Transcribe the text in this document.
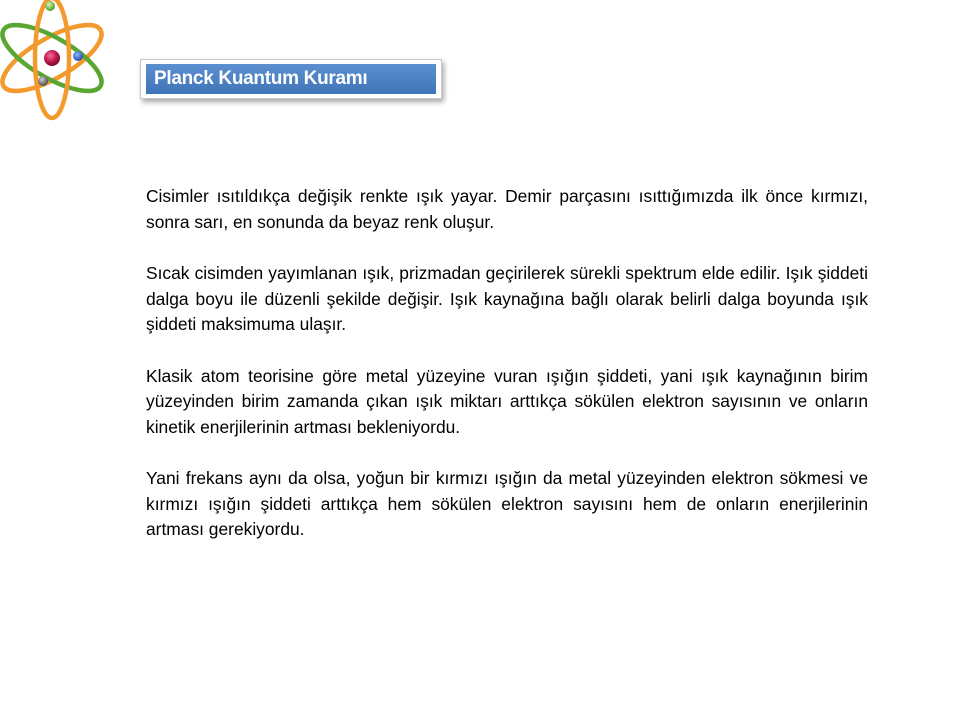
Planck Kuantum Kuramı

Cisimler ısıtıldıkça değişik renkte ışık yayar. Demir parçasını ısıttığımızda ilk önce kırmızı, sonra sarı, en sonunda da beyaz renk oluşur.

Sıcak cisimden yayımlanan ışık, prizmadan geçirilerek sürekli spektrum elde edilir. Işık şiddeti dalga boyu ile düzenli şekilde değişir. Işık kaynağına bağlı olarak belirli dalga boyunda ışık şiddeti maksimuma ulaşır.

Klasik atom teorisine göre metal yüzeyine vuran ışığın şiddeti, yani ışık kaynağının birim yüzeyinden birim zamanda çıkan ışık miktarı arttıkça sökülen elektron sayısının ve onların kinetik enerjilerinin artması bekleniyordu.

Yani frekans aynı da olsa, yoğun bir kırmızı ışığın da metal yüzeyinden elektron sökmesi ve kırmızı ışığın şiddeti arttıkça hem sökülen elektron sayısını hem de onların enerjilerinin artması gerekiyordu.
